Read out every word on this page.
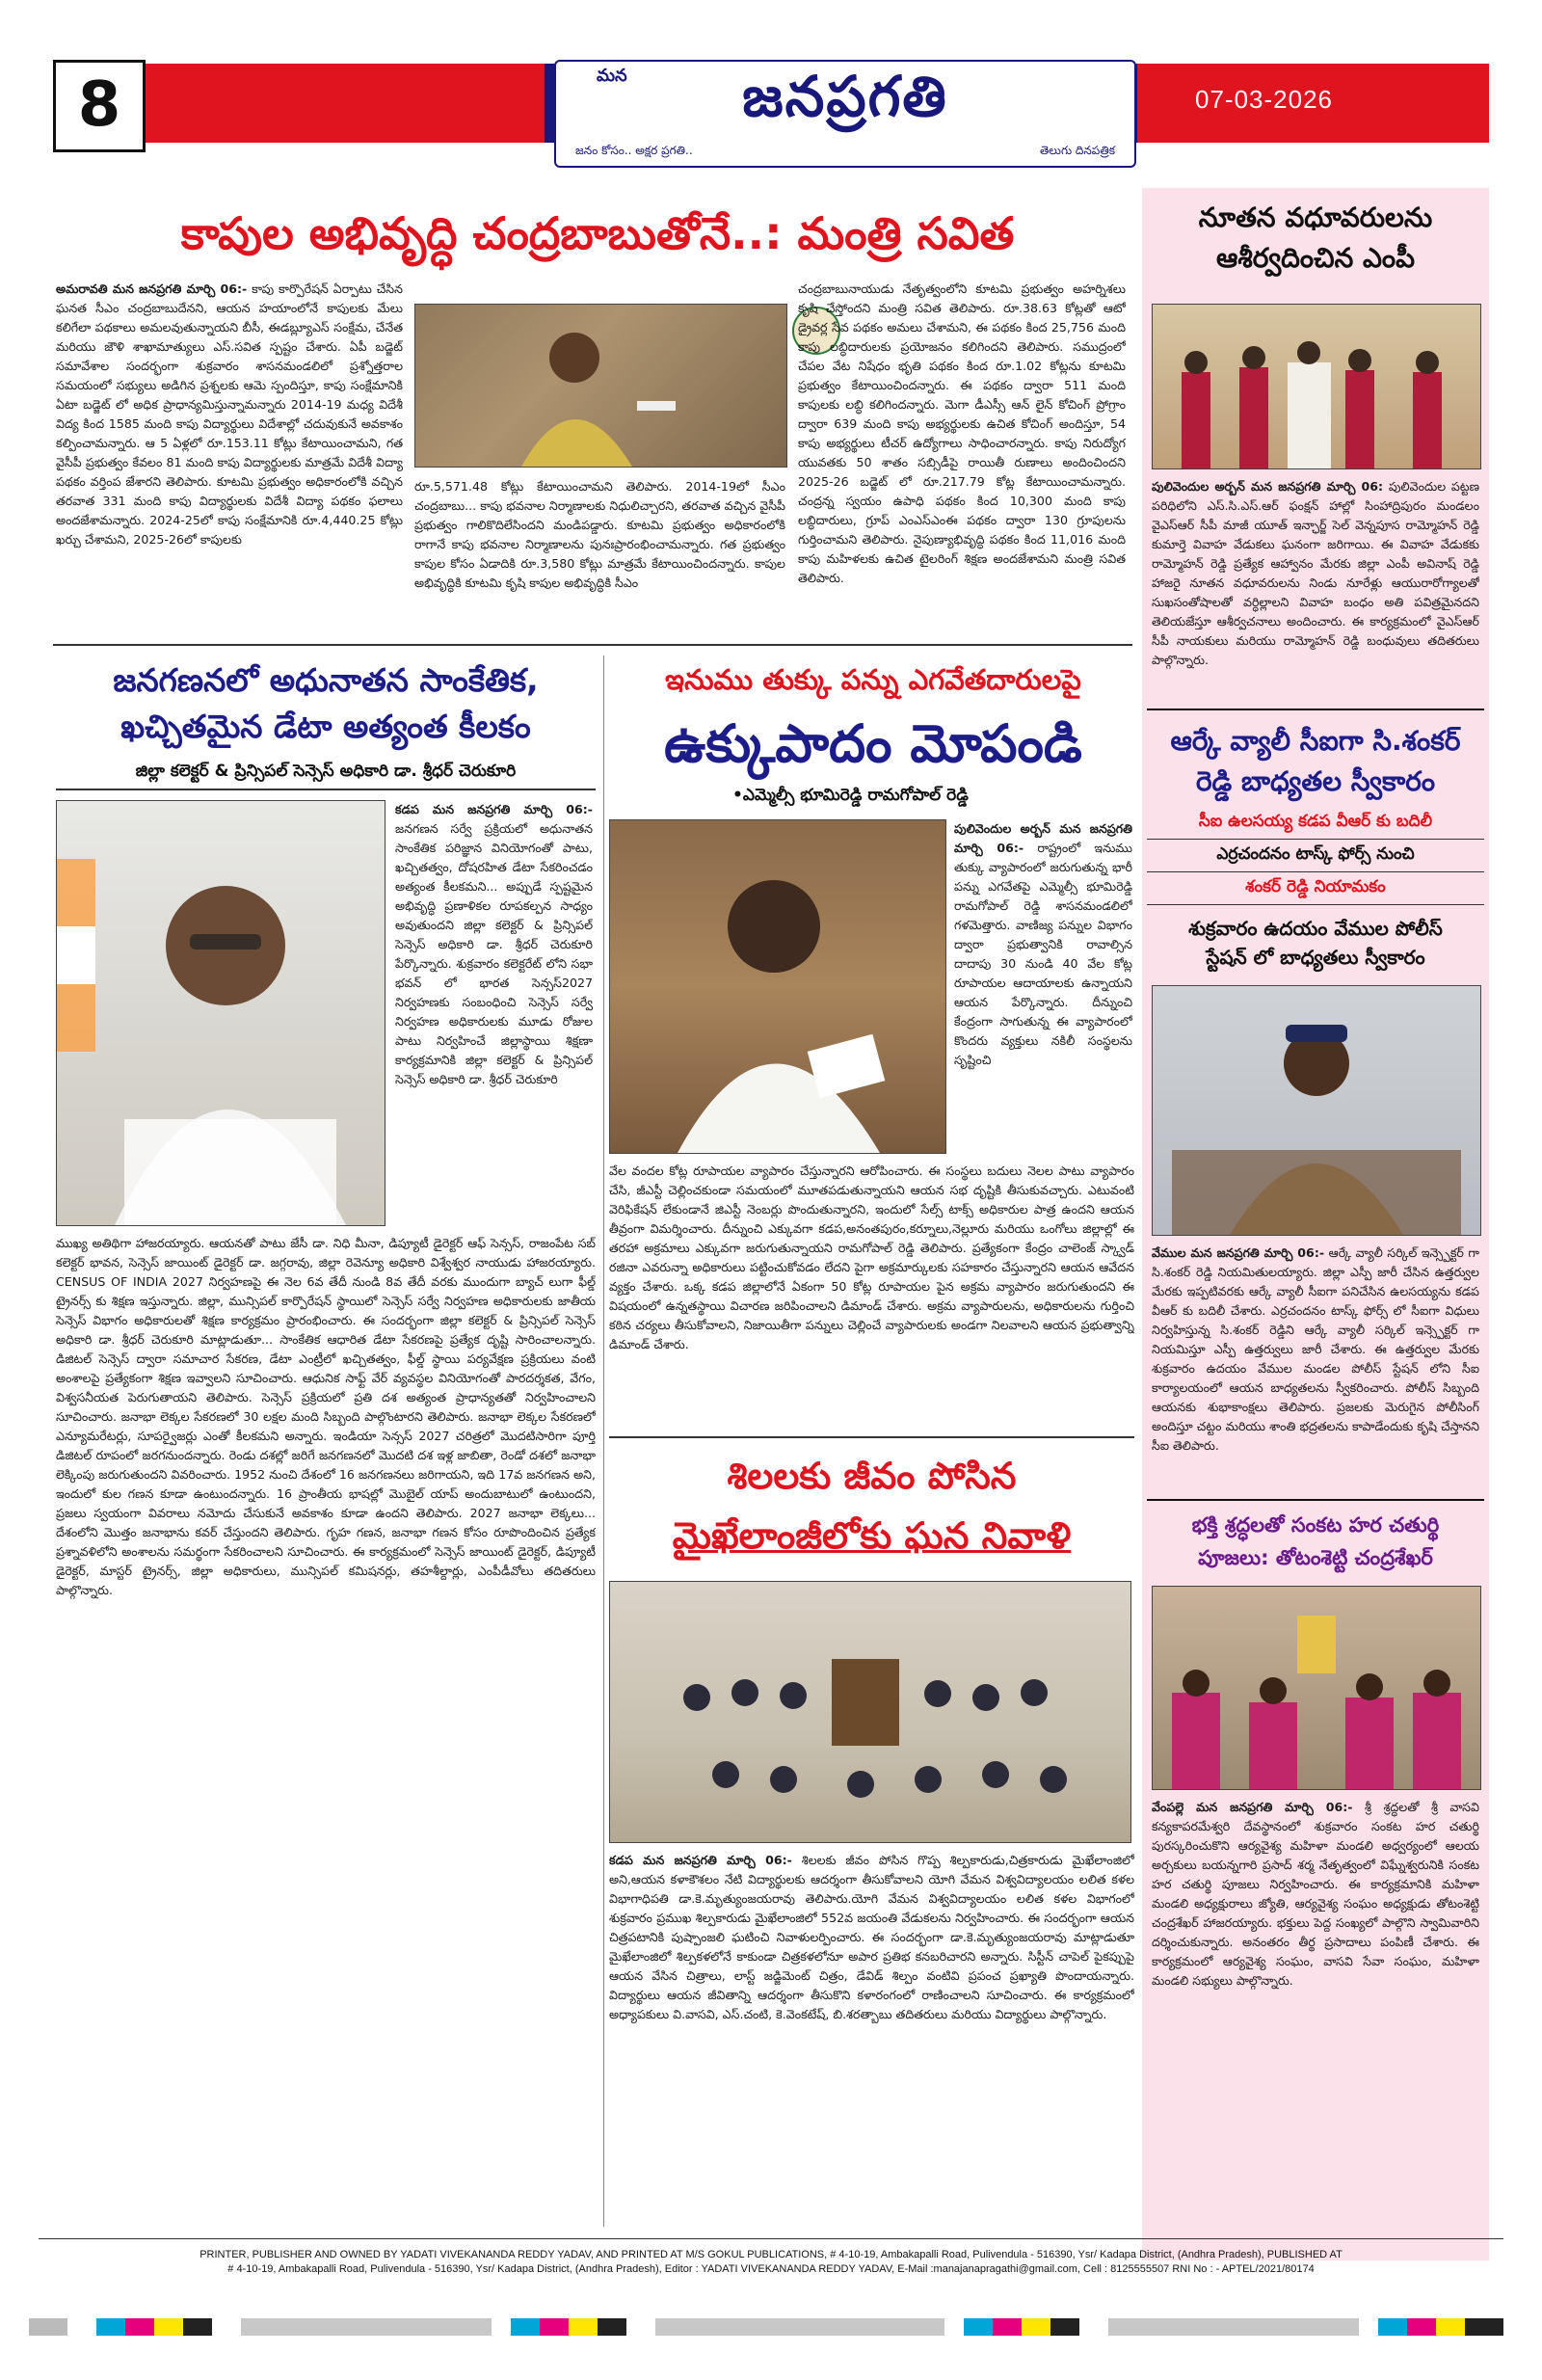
8	మన	జనప్రగతి
జనం కోసం.. అక్షర ప్రగతి..	తెలుగు దినపత్రిక
07-03-2026
కాపుల అభివృద్ధి చంద్రబాబుతోనే..: మంత్రి సవిత
అమరావతి మన జనప్రగతి మార్చి 06:- కాపు కార్పొరేషన్ ఏర్పాటు చేసిన ఘనత సీఎం చంద్రబాబుదేనని, ఆయన హయాంలోనే కాపులకు మేలు కలిగేలా పథకాలు అమలవుతున్నాయని బీసీ, ఈడబ్ల్యూఎస్ సంక్షేమ, చేనేత మరియు జౌళి శాఖామాత్యులు ఎస్.సవిత స్పష్టం చేశారు. ఏపీ బడ్జెట్ సమావేశాల సందర్భంగా శుక్రవారం శాసనమండలిలో ప్రశ్నోత్తరాల సమయంలో సభ్యులు అడిగిన ప్రశ్నలకు ఆమె స్పందిస్తూ, కాపు సంక్షేమానికి ఏటా బడ్జెట్ లో అధిక ప్రాధాన్యమిస్తున్నామన్నారు 2014-19 మధ్య విదేశీ విద్య కింద 1585 మంది కాపు విద్యార్థులు విదేశాల్లో చదువుకునే అవకాశం కల్పించామన్నారు. ఆ 5 ఏళ్లలో రూ.153.11 కోట్లు కేటాయించామని, గత వైసీపీ ప్రభుత్వం కేవలం 81 మంది కాపు విద్యార్థులకు మాత్రమే విదేశీ విద్యా పథకం వర్తింప జేశారని తెలిపారు. కూటమి ప్రభుత్వం అధికారంలోకి వచ్చిన తరవాత 331 మంది కాపు విద్యార్థులకు విదేశీ విద్యా పథకం ఫలాలు అందజేశామన్నారు. 2024-25లో కాపు సంక్షేమానికి రూ.4,440.25 కోట్లు ఖర్చు చేశామని, 2025-26లో కాపులకు
రూ.5,571.48 కోట్లు కేటాయించామని తెలిపారు. 2014-19లో సీఎం చంద్రబాబు... కాపు భవనాల నిర్మాణాలకు నిధులిచ్చారని, తరవాత వచ్చిన వైసీపీ ప్రభుత్వం గాలికొదిలేసిందని మండిపడ్డారు. కూటమి ప్రభుత్వం అధికారంలోకి రాగానే కాపు భవనాల నిర్మాణాలను పునఃప్రారంభించామన్నారు. గత ప్రభుత్వం కాపుల కోసం ఏడాదికి రూ.3,580 కోట్లు మాత్రమే కేటాయించిందన్నారు. కాపుల అభివృద్ధికి కూటమి కృషి కాపుల అభివృద్ధికి సీఎం
చంద్రబాబునాయుడు నేతృత్వంలోని కూటమి ప్రభుత్వం అహర్నిశలు కృషి చేస్తోందని మంత్రి సవిత తెలిపారు. రూ.38.63 కోట్లతో ఆటో డ్రైవర్ల సేవ పథకం అమలు చేశామని, ఈ పథకం కింద 25,756 మంది కాపు లబ్ధిదారులకు ప్రయోజనం కలిగిందని తెలిపారు. సముద్రంలో చేపల వేట నిషేధం భృతి పథకం కింద రూ.1.02 కోట్లను కూటమి ప్రభుత్వం కేటాయించిందన్నారు. ఈ పథకం ద్వారా 511 మంది కాపులకు లబ్ధి కలిగిందన్నారు. మెగా డీఎస్సీ ఆన్ లైన్ కోచింగ్ ప్రోగ్రాం ద్వారా 639 మంది కాపు అభ్యర్థులకు ఉచిత కోచింగ్ అందిస్తూ, 54 కాపు అభ్యర్థులు టీచర్ ఉద్యోగాలు సాధించారన్నారు. కాపు నిరుద్యోగ యువతకు 50 శాతం సబ్సిడీపై రాయితీ రుణాలు అందించిందని 2025-26 బడ్జెట్ లో రూ.217.79 కోట్ల కేటాయించామన్నారు. చంద్రన్న స్వయం ఉపాధి పథకం కింద 10,300 మంది కాపు లబ్ధిదారులు, గ్రూప్ ఎంఎస్ఎంఈ పథకం ద్వారా 130 గ్రూపులను గుర్తించామని తెలిపారు. నైపుణ్యాభివృద్ధి పథకం కింద 11,016 మంది కాపు మహిళలకు ఉచిత టైలరింగ్ శిక్షణ అందజేశామని మంత్రి సవిత తెలిపారు.
జనగణనలో అధునాతన సాంకేతిక,
ఖచ్చితమైన డేటా అత్యంత కీలకం
జిల్లా కలెక్టర్ & ప్రిన్సిపల్ సెన్సెస్ అధికారి డా. శ్రీధర్ చెరుకూరి
కడప మన జనప్రగతి మార్చి 06:- జనగణన సర్వే ప్రక్రియలో అధునాతన సాంకేతిక పరిజ్ఞాన వినియోగంతో పాటు, ఖచ్చితత్వం, దోషరహిత డేటా సేకరించడం అత్యంత కీలకమని... అప్పుడే స్పష్టమైన అభివృద్ధి ప్రణాళికల రూపకల్పన సాధ్యం అవుతుందని జిల్లా కలెక్టర్ & ప్రిన్సిపల్ సెన్సెస్ అధికారి డా. శ్రీధర్ చెరుకూరి పేర్కొన్నారు. శుక్రవారం కలెక్టరేట్ లోని సభా భవన్ లో భారత సెన్సస్2027 నిర్వహణకు సంబంధించి సెన్సెస్ సర్వే నిర్వహణ అధికారులకు మూడు రోజుల పాటు నిర్వహించే జిల్లాస్థాయి శిక్షణా కార్యక్రమానికి జిల్లా కలెక్టర్ & ప్రిన్సిపల్ సెన్సెస్ అధికారి డా. శ్రీధర్ చెరుకూరి
ముఖ్య అతిథిగా హాజరయ్యారు. ఆయనతో పాటు జేసీ డా. నిధి మీనా, డిప్యూటీ డైరెక్టర్ ఆఫ్ సెన్సస్, రాజంపేట సబ్ కలెక్టర్ భావన, సెన్సెస్ జాయింట్ డైరెక్టర్ డా. జగ్గరావు, జిల్లా రెవెన్యూ అధికారి విశ్వేశ్వర నాయుడు హాజరయ్యారు. CENSUS OF INDIA 2027 నిర్వహణపై ఈ నెల 6వ తేదీ నుండి 8వ తేదీ వరకు ముందుగా బ్యాచ్ లుగా ఫీల్డ్ ట్రైనర్స్ కు శిక్షణ ఇస్తున్నారు. జిల్లా, మున్సిపల్ కార్పొరేషన్ స్థాయిలో సెన్సెస్ సర్వే నిర్వహణ అధికారులకు జాతీయ సెన్సెస్ విభాగం అధికారులతో శిక్షణ కార్యక్రమం ప్రారంభించారు. ఈ సందర్భంగా జిల్లా కలెక్టర్ & ప్రిన్సిపల్ సెన్సెస్ అధికారి డా. శ్రీధర్ చెరుకూరి మాట్లాడుతూ... సాంకేతిక ఆధారిత డేటా సేకరణపై ప్రత్యేక దృష్టి సారించాలన్నారు. డిజిటల్ సెన్సెస్ ద్వారా సమాచార సేకరణ, డేటా ఎంట్రీలో ఖచ్చితత్వం, ఫీల్డ్ స్థాయి పర్యవేక్షణ ప్రక్రియలు వంటి అంశాలపై ప్రత్యేకంగా శిక్షణ ఇవ్వాలని సూచించారు. ఆధునిక సాఫ్ట్ వేర్ వ్యవస్థల వినియోగంతో పారదర్శకత, వేగం, విశ్వసనీయత పెరుగుతాయని తెలిపారు. సెన్సెస్ ప్రక్రియలో ప్రతి దశ అత్యంత ప్రాధాన్యతతో నిర్వహించాలని సూచించారు. జనాభా లెక్కల సేకరణలో 30 లక్షల మంది సిబ్బంది పాల్గొంటారని తెలిపారు. జనాభా లెక్కల సేకరణలో ఎన్యూమరేటర్లు, సూపర్వైజర్లు ఎంతో కీలకమని అన్నారు. ఇండియా సెన్సస్ 2027 చరిత్రలో మొదటిసారిగా పూర్తి డిజిటల్ రూపంలో జరగనుందన్నారు. రెండు దశల్లో జరిగే జనగణనలో మొదటి దశ ఇళ్ల జాబితా, రెండో దశలో జనాభా లెక్కింపు జరుగుతుందని వివరించారు. 1952 నుంచి దేశంలో 16 జనగణనలు జరిగాయని, ఇది 17వ జనగణన అని, ఇందులో కుల గణన కూడా ఉంటుందన్నారు. 16 ప్రాంతీయ భాషల్లో మొబైల్ యాప్ అందుబాటులో ఉంటుందని, ప్రజలు స్వయంగా వివరాలు నమోదు చేసుకునే అవకాశం కూడా ఉందని తెలిపారు. 2027 జనాభా లెక్కలు... దేశంలోని మొత్తం జనాభాను కవర్ చేస్తుందని తెలిపారు. గృహ గణన, జనాభా గణన కోసం రూపొందించిన ప్రత్యేక ప్రశ్నావళిలోని అంశాలను సమర్థంగా సేకరించాలని సూచించారు. ఈ కార్యక్రమంలో సెన్సెస్ జాయింట్ డైరెక్టర్, డిప్యూటీ డైరెక్టర్, మాస్టర్ ట్రైనర్స్, జిల్లా అధికారులు, మున్సిపల్ కమిషనర్లు, తహశీల్దార్లు, ఎంపీడీవోలు తదితరులు పాల్గొన్నారు.
ఇనుము తుక్కు పన్ను ఎగవేతదారులపై
ఉక్కుపాదం మోపండి
•ఎమ్మెల్సీ భూమిరెడ్డి రామగోపాల్ రెడ్డి
పులివెందుల అర్బన్ మన జనప్రగతి మార్చి 06:- రాష్ట్రంలో ఇనుము తుక్కు వ్యాపారంలో జరుగుతున్న భారీ పన్ను ఎగవేతపై ఎమ్మెల్సీ భూమిరెడ్డి రామగోపాల్ రెడ్డి శాసనమండలిలో గళమెత్తారు. వాణిజ్య పన్నుల విభాగం ద్వారా ప్రభుత్వానికి రావాల్సిన దాదాపు 30 నుండి 40 వేల కోట్ల రూపాయల ఆదాయాలకు ఉన్నాయని ఆయన పేర్కొన్నారు. దీన్నుంచి కేంద్రంగా సాగుతున్న ఈ వ్యాపారంలో కొందరు వ్యక్తులు నకిలీ సంస్థలను సృష్టించి
వేల వందల కోట్ల రూపాయల వ్యాపారం చేస్తున్నారని ఆరోపించారు. ఈ సంస్థలు బదులు నెలల పాటు వ్యాపారం చేసి, జీఎస్టీ చెల్లించకుండా సమయంలో మూతపడుతున్నాయని ఆయన సభ దృష్టికి తీసుకువచ్చారు. ఎటువంటి వెరిఫికేషన్ లేకుండానే జిఎస్టీ నెంబర్లు పొందుతున్నారని, ఇందులో సేల్స్ టాక్స్ అధికారుల పాత్ర ఉందని ఆయన తీవ్రంగా విమర్శించారు. దీన్నుంచి ఎక్కువగా కడప,అనంతపురం,కర్నూలు,నెల్లూరు మరియు ఒంగోలు జిల్లాల్లో ఈ తరహా అక్రమాలు ఎక్కువగా జరుగుతున్నాయని రామగోపాల్ రెడ్డి తెలిపారు. ప్రత్యేకంగా కేంద్రం చాలెంజ్ స్క్వాడ్ రజినా ఎవరున్నా అధికారులు పట్టించుకోవడం లేదని పైగా అక్రమార్కులకు సహకారం చేస్తున్నారని ఆయన ఆవేదన వ్యక్తం చేశారు. ఒక్క కడప జిల్లాలోనే ఏకంగా 50 కోట్ల రూపాయల పైన అక్రమ వ్యాపారం జరుగుతుందని ఈ విషయంలో ఉన్నతస్థాయి విచారణ జరిపించాలని డిమాండ్ చేశారు. అక్రమ వ్యాపారులను, అధికారులను గుర్తించి కఠిన చర్యలు తీసుకోవాలని, నిజాయితీగా పన్నులు చెల్లించే వ్యాపారులకు అండగా నిలవాలని ఆయన ప్రభుత్వాన్ని డిమాండ్ చేశారు.
శిలలకు జీవం పోసిన
మైఖేలాంజీలోకు ఘన నివాళి
కడప మన జనప్రగతి మార్చి 06:- శిలలకు జీవం పోసిన గొప్ప శిల్పకారుడు,చిత్రకారుడు మైఖేలాంజిలో అని,ఆయన కళాకౌశలం నేటి విద్యార్థులకు ఆదర్శంగా తీసుకోవాలని యోగి వేమన విశ్వవిద్యాలయం లలిత కళల విభాగాధిపతి డా.కె.మృత్యుంజయరావు తెలిపారు.యోగి వేమన విశ్వవిద్యాలయం లలిత కళల విభాగంలో శుక్రవారం ప్రముఖ శిల్పకారుడు మైఖేలాంజిలో 552వ జయంతి వేడుకలను నిర్వహించారు. ఈ సందర్భంగా ఆయన చిత్రపటానికి పుష్పాంజలి ఘటించి నివాళులర్పించారు. ఈ సందర్భంగా డా.కె.మృత్యుంజయరావు మాట్లాడుతూ మైఖేలాంజిలో శిల్పకళలోనే కాకుండా చిత్రకళలోనూ అపార ప్రతిభ కనబరిచారని అన్నారు. సిస్టీన్ చాపెల్ పైకప్పుపై ఆయన వేసిన చిత్రాలు, లాస్ట్ జడ్జిమెంట్ చిత్రం, డేవిడ్ శిల్పం వంటివి ప్రపంచ ప్రఖ్యాతి పొందాయన్నారు. విద్యార్థులు ఆయన జీవితాన్ని ఆదర్శంగా తీసుకొని కళారంగంలో రాణించాలని సూచించారు. ఈ కార్యక్రమంలో అధ్యాపకులు వి.వాసవి, ఎస్.చంటి, కె.వెంకటేష్, బి.శరత్బాబు తదితరులు మరియు విద్యార్థులు పాల్గొన్నారు.
నూతన వధూవరులను
ఆశీర్వదించిన ఎంపీ
పులివెందుల అర్బన్ మన జనప్రగతి మార్చి 06: పులివెందుల పట్టణ పరిధిలోని ఎస్.సి.ఎస్.ఆర్ ఫంక్షన్ హాల్లో సింహాద్రిపురం మండలం వైఎస్ఆర్ సీపీ మాజీ యూత్ ఇన్ఛార్జ్ సెల్ వెన్నపూస రామ్మోహన్ రెడ్డి కుమార్తె వివాహ వేడుకలు ఘనంగా జరిగాయి. ఈ వివాహ వేడుకకు రామ్మోహన్ రెడ్డి ప్రత్యేక ఆహ్వానం మేరకు జిల్లా ఎంపీ అవినాష్ రెడ్డి హాజరై నూతన వధూవరులను నిండు నూరేళ్లు ఆయురారోగ్యాలతో సుఖసంతోషాలతో వర్ధిల్లాలని వివాహ బంధం అతి పవిత్రమైనదని తెలియజేస్తూ ఆశీర్వచనాలు అందించారు. ఈ కార్యక్రమంలో వైఎస్ఆర్ సీపీ నాయకులు మరియు రామ్మోహన్ రెడ్డి బంధువులు తదితరులు పాల్గొన్నారు.
ఆర్కే వ్యాలీ సీఐగా సి.శంకర్
రెడ్డి బాధ్యతల స్వీకారం
సీఐ ఉలసయ్య కడప వీఆర్ కు బదిలీ
ఎర్రచందనం టాస్క్ ఫోర్స్ నుంచి
శంకర్ రెడ్డి నియామకం
శుక్రవారం ఉదయం వేముల పోలీస్
స్టేషన్ లో బాధ్యతలు స్వీకారం
వేముల మన జనప్రగతి మార్చి 06:- ఆర్కే వ్యాలీ సర్కిల్ ఇన్స్పెక్టర్ గా సి.శంకర్ రెడ్డి నియమితులయ్యారు. జిల్లా ఎస్పీ జారీ చేసిన ఉత్తర్వుల మేరకు ఇప్పటివరకు ఆర్కే వ్యాలీ సీఐగా పనిచేసిన ఉలసయ్యను కడప వీఆర్ కు బదిలీ చేశారు. ఎర్రచందనం టాస్క్ ఫోర్స్ లో సీఐగా విధులు నిర్వహిస్తున్న సి.శంకర్ రెడ్డిని ఆర్కే వ్యాలీ సర్కిల్ ఇన్స్పెక్టర్ గా నియమిస్తూ ఎస్పీ ఉత్తర్వులు జారీ చేశారు. ఈ ఉత్తర్వుల మేరకు శుక్రవారం ఉదయం వేముల మండల పోలీస్ స్టేషన్ లోని సీఐ కార్యాలయంలో ఆయన బాధ్యతలను స్వీకరించారు. పోలీస్ సిబ్బంది ఆయనకు శుభాకాంక్షలు తెలిపారు. ప్రజలకు మెరుగైన పోలీసింగ్ అందిస్తూ చట్టం మరియు శాంతి భద్రతలను కాపాడేందుకు కృషి చేస్తానని సీఐ తెలిపారు.
భక్తి శ్రద్ధలతో సంకట హర చతుర్థి
పూజలు: తోటంశెట్టి చంద్రశేఖర్
వేంపల్లె మన జనప్రగతి మార్చి 06:- శ్రీ శ్రద్ధలతో శ్రీ వాసవి కన్యకాపరమేశ్వరి దేవస్థానంలో శుక్రవారం సంకట హర చతుర్థి పురస్కరించుకొని ఆర్యవైశ్య మహిళా మండలి అధ్వర్యంలో ఆలయ అర్చకులు బయన్నగారి ప్రసాద్ శర్మ నేతృత్వంలో విఘ్నేశ్వరునికి సంకట హర చతుర్థి పూజలు నిర్వహించారు. ఈ కార్యక్రమానికి మహిళా మండలి అధ్యక్షురాలు జ్యోతి, ఆర్యవైశ్య సంఘం అధ్యక్షుడు తోటంశెట్టి చంద్రశేఖర్ హాజరయ్యారు. భక్తులు పెద్ద సంఖ్యలో పాల్గొని స్వామివారిని దర్శించుకున్నారు. అనంతరం తీర్థ ప్రసాదాలు పంపిణీ చేశారు. ఈ కార్యక్రమంలో ఆర్యవైశ్య సంఘం, వాసవి సేవా సంఘం, మహిళా మండలి సభ్యులు పాల్గొన్నారు.
PRINTER, PUBLISHER AND OWNED BY YADATI VIVEKANANDA REDDY YADAV, AND PRINTED AT M/S GOKUL PUBLICATIONS, # 4-10-19, Ambakapalli Road, Pulivendula - 516390, Ysr/ Kadapa District, (Andhra Pradesh), PUBLISHED AT
# 4-10-19, Ambakapalli Road, Pulivendula - 516390, Ysr/ Kadapa District, (Andhra Pradesh), Editor : YADATI VIVEKANANDA REDDY YADAV, E-Mail :manajanapragathi@gmail.com, Cell : 8125555507 RNI No : - APTEL/2021/80174
